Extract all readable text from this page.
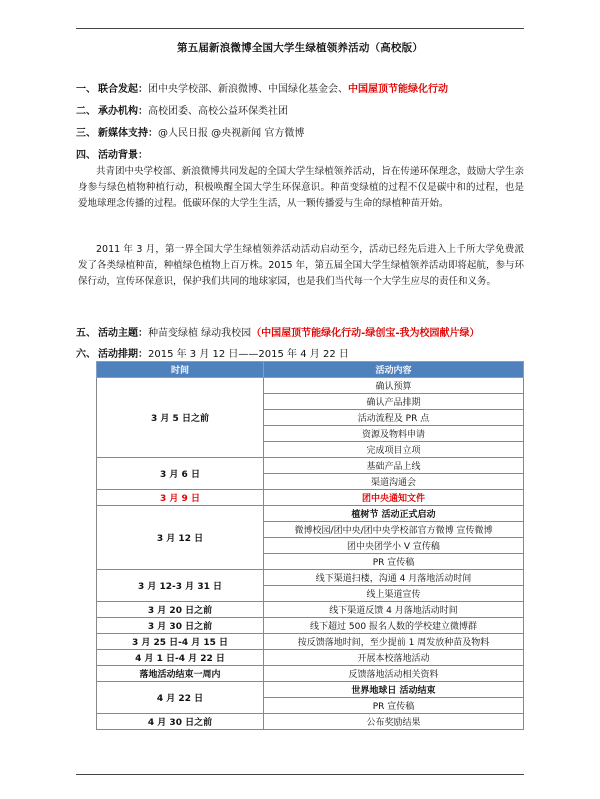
第五届新浪微博全国大学生绿植领养活动（高校版）
一、 联合发起：团中央学校部、新浪微博、中国绿化基金会、中国屋顶节能绿化行动
二、 承办机构：高校团委、高校公益环保类社团
三、 新媒体支持：@人民日报 @央视新闻 官方微博
四、 活动背景：
共青团中央学校部、新浪微博共同发起的全国大学生绿植领养活动，旨在传递环保理念，鼓励大学生亲身参与绿色植物种植行动，积极唤醒全国大学生环保意识。种苗变绿植的过程不仅是碳中和的过程，也是爱地球理念传播的过程。低碳环保的大学生生活，从一颗传播爱与生命的绿植种苗开始。
2011 年 3 月，第一界全国大学生绿植领养活动活动启动至今，活动已经先后进入上千所大学免费派发了各类绿植种苗，种植绿色植物上百万株。2015 年，第五届全国大学生绿植领养活动即将起航，参与环保行动，宣传环保意识，保护我们共同的地球家园，也是我们当代每一个大学生应尽的责任和义务。
五、 活动主题：种苗变绿植 绿动我校园（中国屋顶节能绿化行动-绿创宝-我为校园献片绿）
六、 活动排期：2015 年 3 月 12 日——2015 年 4 月 22 日
时间	活动内容
3 月 5 日之前	确认预算
	确认产品排期
	活动流程及 PR 点
	资源及物料申请
	完成项目立项
3 月 6 日	基础产品上线
	渠道沟通会
3 月 9 日	团中央通知文件
3 月 12 日	植树节 活动正式启动
	微博校园/团中央/团中央学校部官方微博 宣传微博
	团中央团学小 V 宣传稿
	PR 宣传稿
3 月 12-3 月 31 日	线下渠道扫楼，沟通 4 月落地活动时间
	线上渠道宣传
3 月 20 日之前	线下渠道反馈 4 月落地活动时间
3 月 30 日之前	线下超过 500 报名人数的学校建立微博群
3 月 25 日-4 月 15 日	按反馈落地时间，至少提前 1 周发放种苗及物料
4 月 1 日-4 月 22 日	开展本校落地活动
落地活动结束一周内	反馈落地活动相关资料
4 月 22 日	世界地球日 活动结束
	PR 宣传稿
4 月 30 日之前	公布奖励结果
